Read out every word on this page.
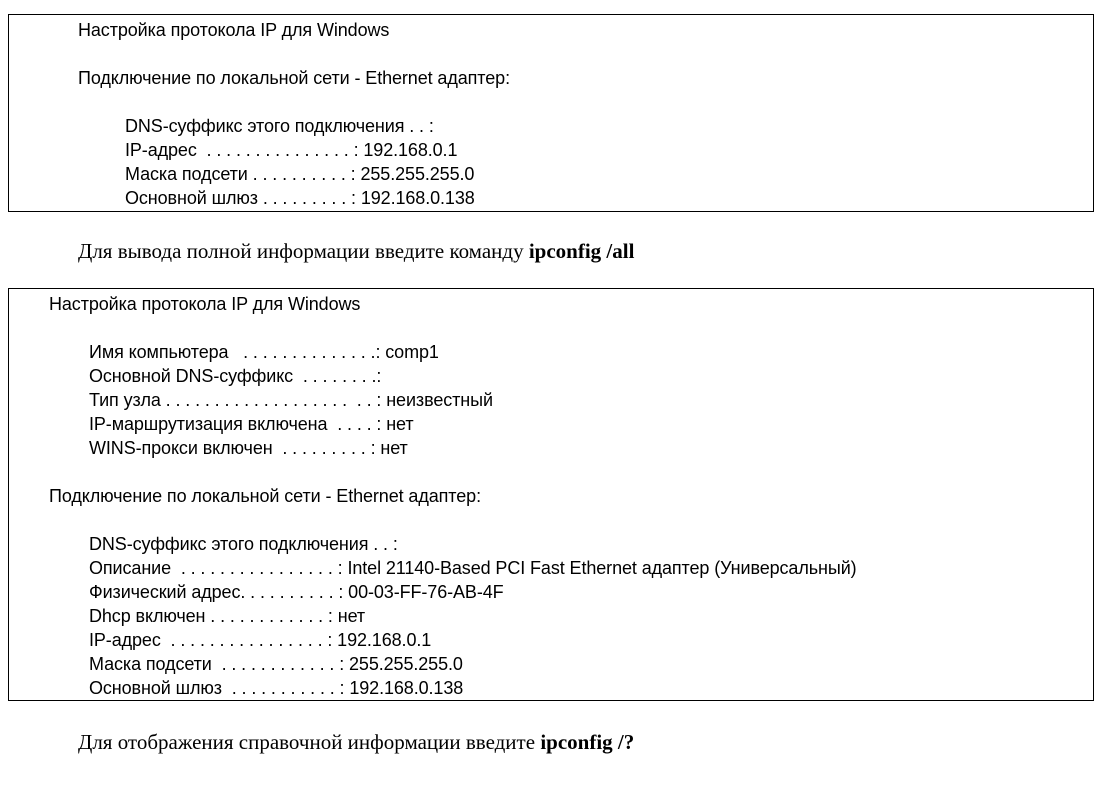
Настройка протокола IP для Windows
Подключение по локальной сети - Ethernet адаптер:
DNS-суффикс этого подключения . . :
IP-адрес  . . . . . . . . . . . . . . . : 192.168.0.1
Маска подсети . . . . . . . . . . : 255.255.255.0
Основной шлюз . . . . . . . . . : 192.168.0.138
Для вывода полной информации введите команду ipconfig /all
Настройка протокола IP для Windows
Имя компьютера   . . . . . . . . . . . . . .: comp1
Основной DNS-суффикс  . . . . . . . .:
Тип узла . . . . . . . . . . . . . . . . . . .  . . : неизвестный
IP-маршрутизация включена  . . . . : нет
WINS-прокси включен  . . . . . . . . . : нет
Подключение по локальной сети - Ethernet адаптер:
DNS-суффикс этого подключения . . :
Описание  . . . . . . . . . . . . . . . . : Intel 21140-Based PCI Fast Ethernet адаптер (Универсальный)
Физический адрес. . . . . . . . . . : 00-03-FF-76-AB-4F
Dhcp включен . . . . . . . . . . . . : нет
IP-адрес  . . . . . . . . . . . . . . . . : 192.168.0.1
Маска подсети  . . . . . . . . . . . . : 255.255.255.0
Основной шлюз  . . . . . . . . . . . : 192.168.0.138
Для отображения справочной информации введите ipconfig /?
